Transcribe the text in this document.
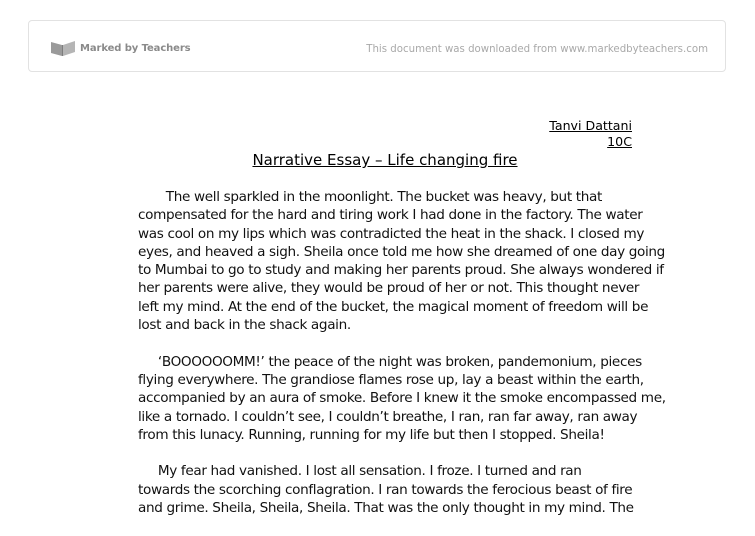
Marked by Teachers	This document was downloaded from www.markedbyteachers.com
Tanvi Dattani
10C
Narrative Essay – Life changing fire
The well sparkled in the moonlight. The bucket was heavy, but that
compensated for the hard and tiring work I had done in the factory. The water
was cool on my lips which was contradicted the heat in the shack. I closed my
eyes, and heaved a sigh. Sheila once told me how she dreamed of one day going
to Mumbai to go to study and making her parents proud. She always wondered if
her parents were alive, they would be proud of her or not. This thought never
left my mind. At the end of the bucket, the magical moment of freedom will be
lost and back in the shack again.
‘BOOOOOOMM!’ the peace of the night was broken, pandemonium, pieces
flying everywhere. The grandiose flames rose up, lay a beast within the earth,
accompanied by an aura of smoke. Before I knew it the smoke encompassed me,
like a tornado. I couldn’t see, I couldn’t breathe, I ran, ran far away, ran away
from this lunacy. Running, running for my life but then I stopped. Sheila!
My fear had vanished. I lost all sensation. I froze. I turned and ran
towards the scorching conflagration. I ran towards the ferocious beast of fire
and grime. Sheila, Sheila, Sheila. That was the only thought in my mind. The
